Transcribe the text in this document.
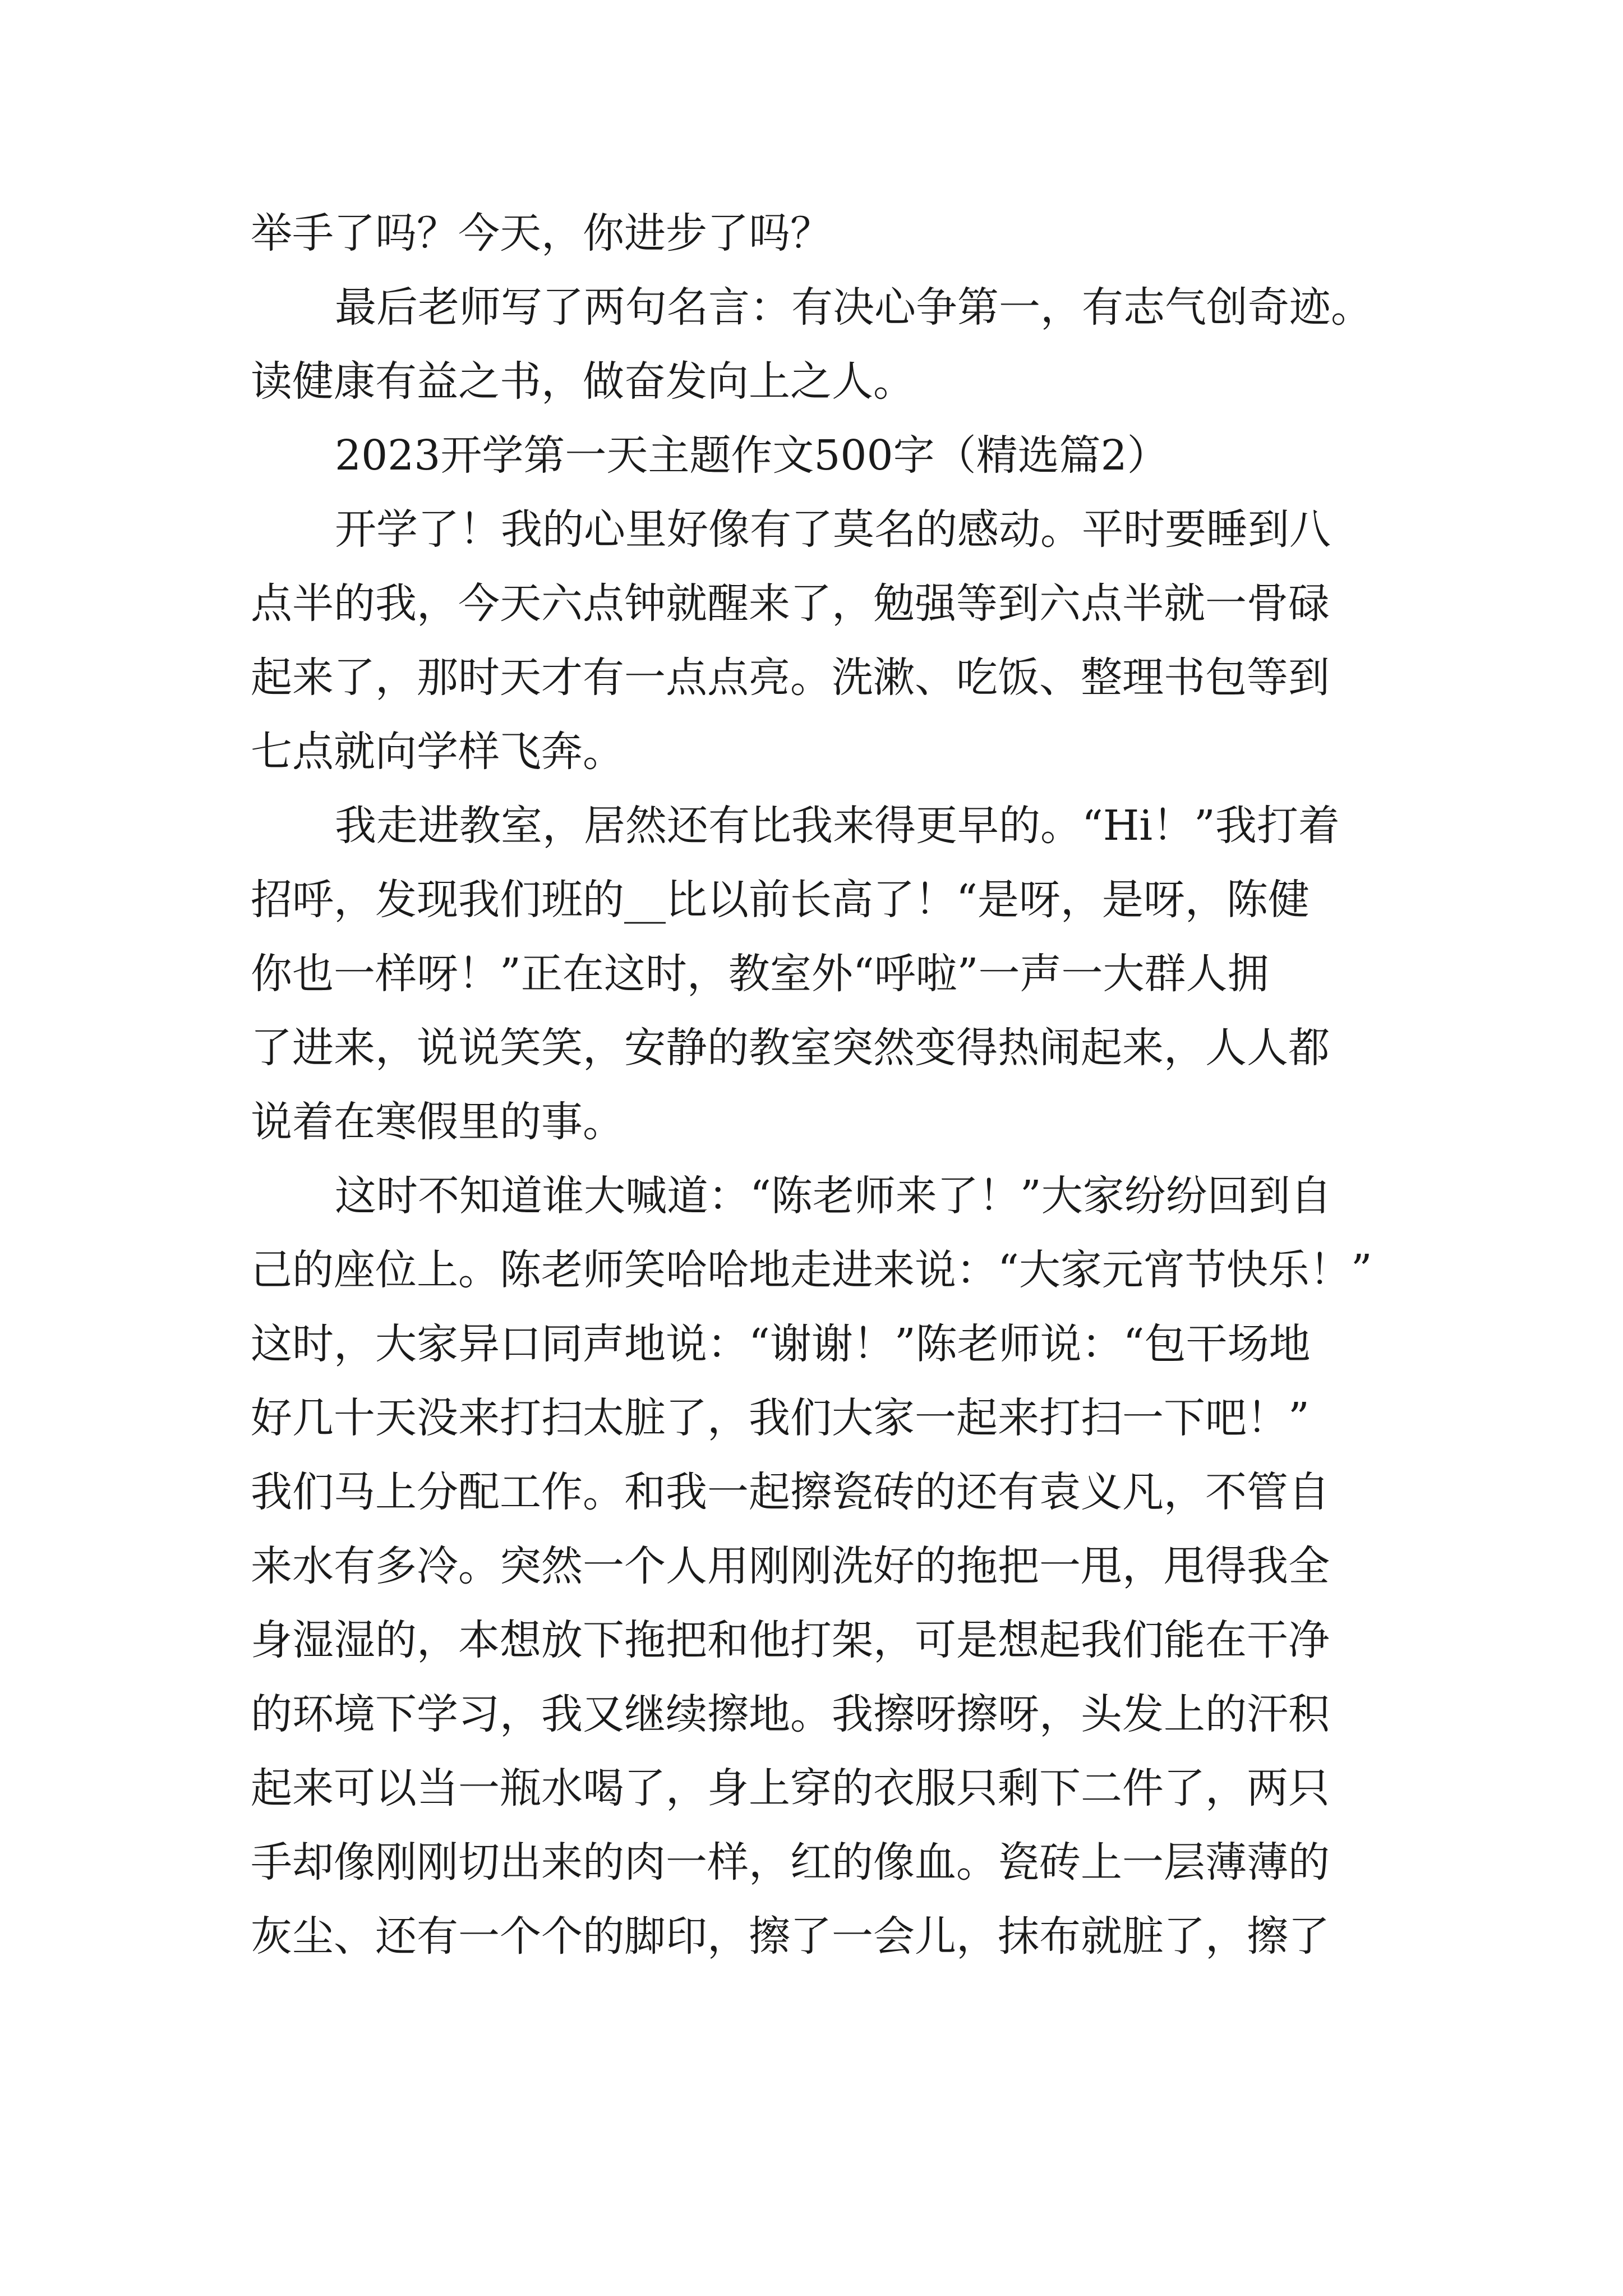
举手了吗？今天，你进步了吗？
最后老师写了两句名言：有决心争第一，有志气创奇迹。
读健康有益之书，做奋发向上之人。
2023开学第一天主题作文500字（精选篇2）
开学了！我的心里好像有了莫名的感动。平时要睡到八
点半的我，今天六点钟就醒来了，勉强等到六点半就一骨碌
起来了，那时天才有一点点亮。洗漱、吃饭、整理书包等到
七点就向学样飞奔。
我走进教室，居然还有比我来得更早的。“Hi！”我打着
招呼，发现我们班的__比以前长高了！“是呀，是呀，陈健
你也一样呀！”正在这时，教室外“呼啦”一声一大群人拥
了进来，说说笑笑，安静的教室突然变得热闹起来，人人都
说着在寒假里的事。
这时不知道谁大喊道：“陈老师来了！”大家纷纷回到自
己的座位上。陈老师笑哈哈地走进来说：“大家元宵节快乐！”
这时，大家异口同声地说：“谢谢！”陈老师说：“包干场地
好几十天没来打扫太脏了，我们大家一起来打扫一下吧！”
我们马上分配工作。和我一起擦瓷砖的还有袁义凡，不管自
来水有多冷。突然一个人用刚刚洗好的拖把一甩，甩得我全
身湿湿的，本想放下拖把和他打架，可是想起我们能在干净
的环境下学习，我又继续擦地。我擦呀擦呀，头发上的汗积
起来可以当一瓶水喝了，身上穿的衣服只剩下二件了，两只
手却像刚刚切出来的肉一样，红的像血。瓷砖上一层薄薄的
灰尘、还有一个个的脚印，擦了一会儿，抹布就脏了，擦了
